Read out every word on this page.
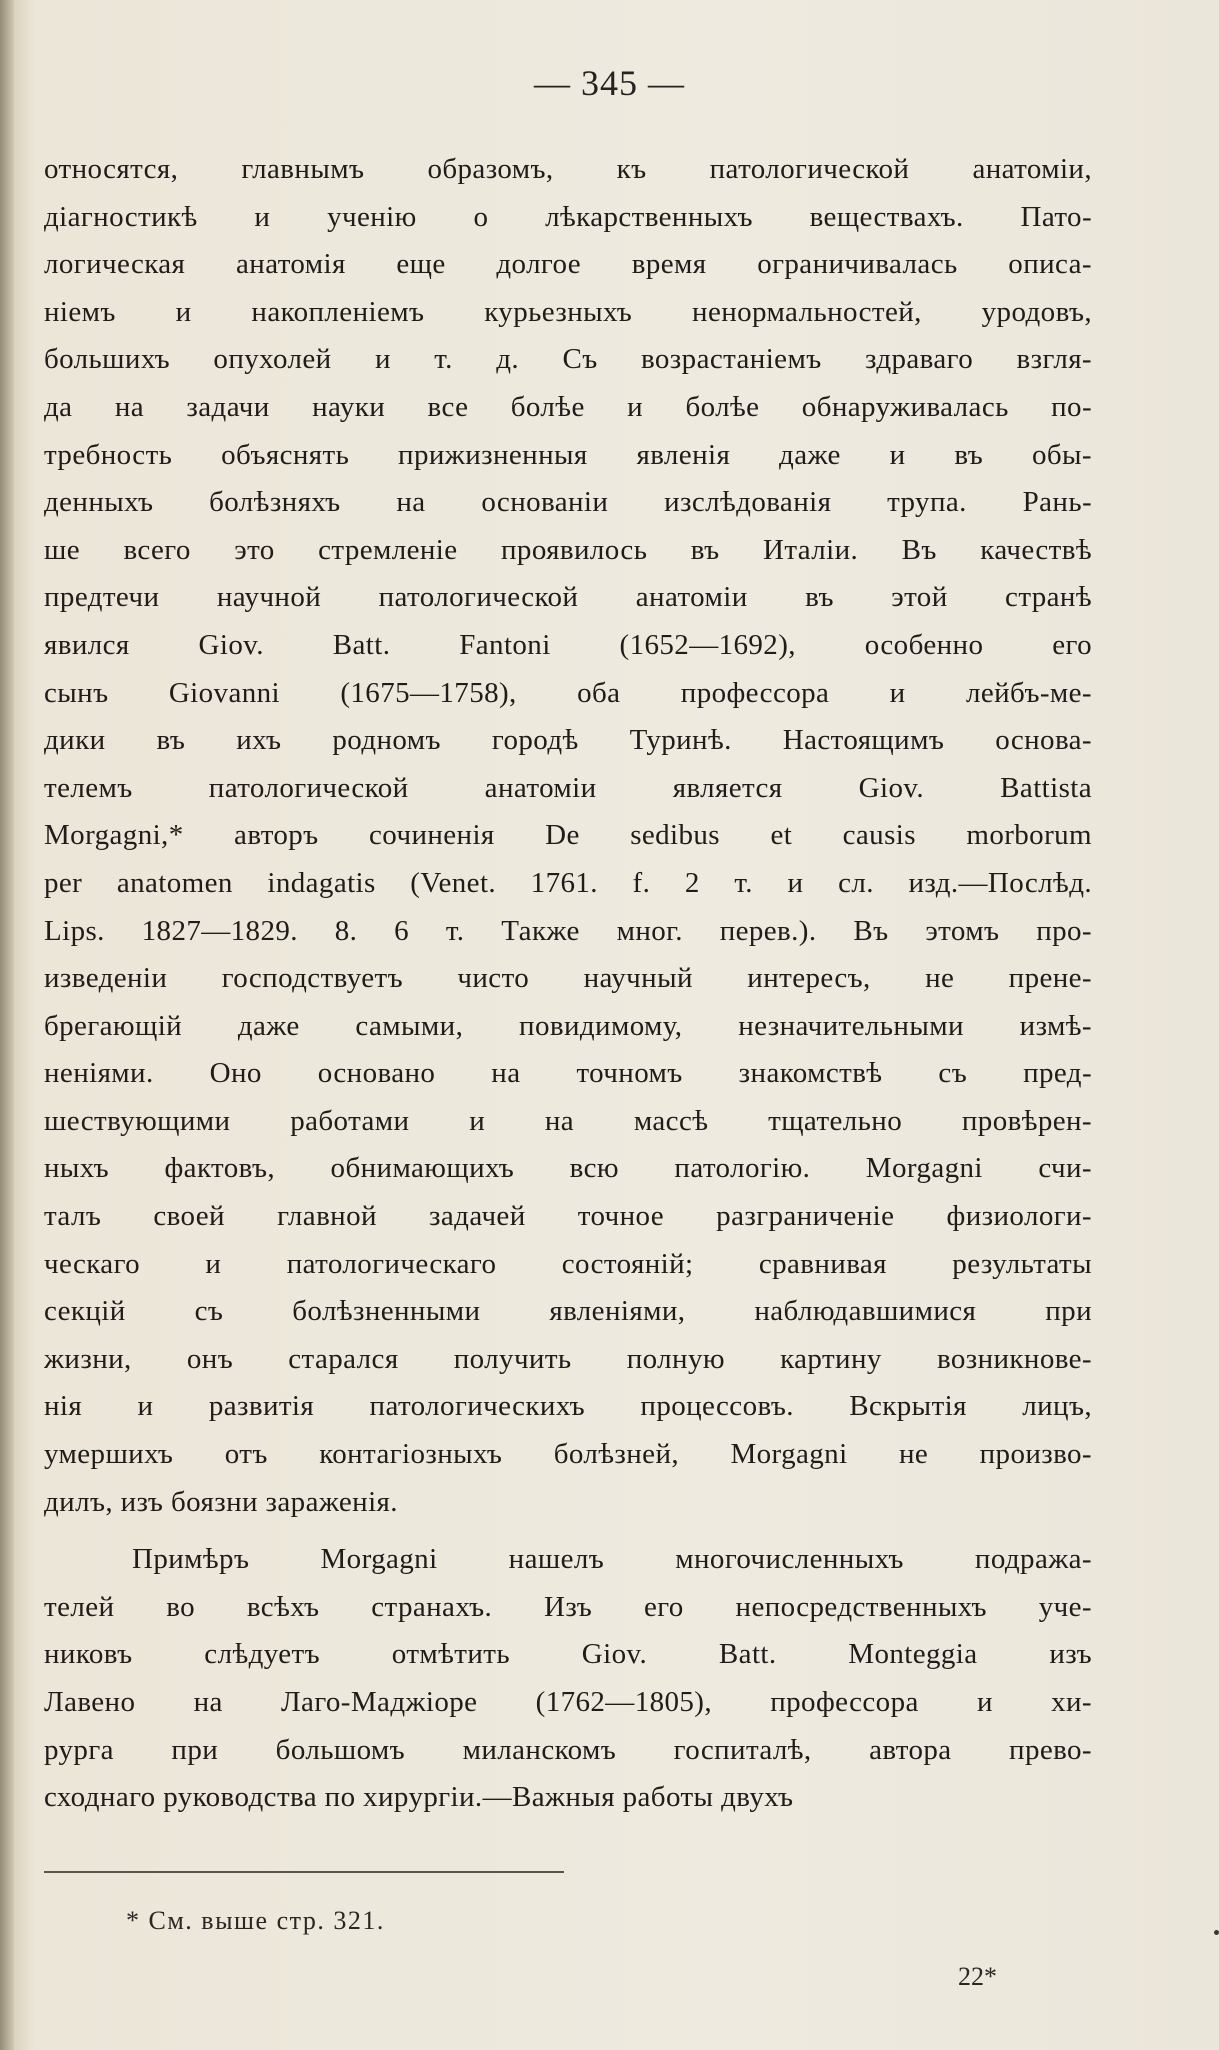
— 345 —
относятся, главнымъ образомъ, къ патологической анатоміи,
діагностикѣ и ученію о лѣкарственныхъ веществахъ. Пато-
логическая анатомія еще долгое время ограничивалась описа-
ніемъ и накопленіемъ курьезныхъ ненормальностей, уродовъ,
большихъ опухолей и т. д. Съ возрастаніемъ здраваго взгля-
да на задачи науки все болѣе и болѣе обнаруживалась по-
требность объяснять прижизненныя явленія даже и въ обы-
денныхъ болѣзняхъ на основаніи изслѣдованія трупа. Рань-
ше всего это стремленіе проявилось въ Италіи. Въ качествѣ
предтечи научной патологической анатоміи въ этой странѣ
явился Giov. Batt. Fantoni (1652—1692), особенно его
сынъ Giovanni (1675—1758), оба профессора и лейбъ-ме-
дики въ ихъ родномъ городѣ Туринѣ. Настоящимъ основа-
телемъ патологической анатоміи является Giov. Battista
Morgagni,* авторъ сочиненія De sedibus et causis morborum
per anatomen indagatis (Venet. 1761. f. 2 т. и сл. изд.—Послѣд.
Lips. 1827—1829. 8. 6 т. Также мног. перев.). Въ этомъ про-
изведеніи господствуетъ чисто научный интересъ, не прене-
брегающій даже самыми, повидимому, незначительными измѣ-
неніями. Оно основано на точномъ знакомствѣ съ пред-
шествующими работами и на массѣ тщательно провѣрен-
ныхъ фактовъ, обнимающихъ всю патологію. Morgagni счи-
талъ своей главной задачей точное разграниченіе физиологи-
ческаго и патологическаго состояній; сравнивая результаты
секцій съ болѣзненными явленіями, наблюдавшимися при
жизни, онъ старался получить полную картину возникнове-
нія и развитія патологическихъ процессовъ. Вскрытія лицъ,
умершихъ отъ контагіозныхъ болѣзней, Morgagni не произво-
дилъ, изъ боязни зараженія.
Примѣръ Morgagni нашелъ многочисленныхъ подража-
телей во всѣхъ странахъ. Изъ его непосредственныхъ уче-
никовъ слѣдуетъ отмѣтить Giov. Batt. Monteggia изъ
Лавено на Лаго-Маджіоре (1762—1805), профессора и хи-
рурга при большомъ миланскомъ госпиталѣ, автора прево-
сходнаго руководства по хирургіи.—Важныя работы двухъ
* См. выше стр. 321.
22*
